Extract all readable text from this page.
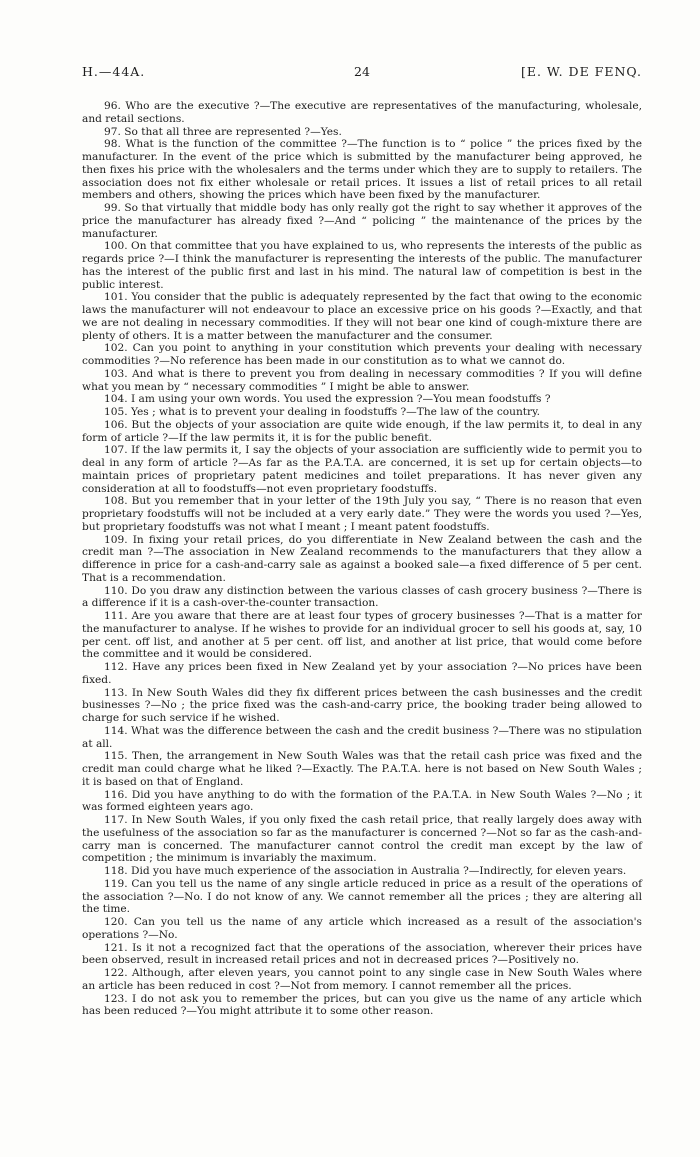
H.—44A.	24	[E. W. DE FENQ.

96. Who are the executive ?—The executive are representatives of the manufacturing, wholesale, and retail sections.

97. So that all three are represented ?—Yes.

98. What is the function of the committee ?—The function is to “ police ” the prices fixed by the manufacturer. In the event of the price which is submitted by the manufacturer being approved, he then fixes his price with the wholesalers and the terms under which they are to supply to retailers. The association does not fix either wholesale or retail prices. It issues a list of retail prices to all retail members and others, showing the prices which have been fixed by the manufacturer.

99. So that virtually that middle body has only really got the right to say whether it approves of the price the manufacturer has already fixed ?—And “ policing ” the maintenance of the prices by the manufacturer.

100. On that committee that you have explained to us, who represents the interests of the public as regards price ?—I think the manufacturer is representing the interests of the public. The manufacturer has the interest of the public first and last in his mind. The natural law of competition is best in the public interest.

101. You consider that the public is adequately represented by the fact that owing to the economic laws the manufacturer will not endeavour to place an excessive price on his goods ?—Exactly, and that we are not dealing in necessary commodities. If they will not bear one kind of cough-mixture there are plenty of others. It is a matter between the manufacturer and the consumer.

102. Can you point to anything in your constitution which prevents your dealing with necessary commodities ?—No reference has been made in our constitution as to what we cannot do.

103. And what is there to prevent you from dealing in necessary commodities ? If you will define what you mean by “ necessary commodities ” I might be able to answer.

104. I am using your own words. You used the expression ?—You mean foodstuffs ?

105. Yes ; what is to prevent your dealing in foodstuffs ?—The law of the country.

106. But the objects of your association are quite wide enough, if the law permits it, to deal in any form of article ?—If the law permits it, it is for the public benefit.

107. If the law permits it, I say the objects of your association are sufficiently wide to permit you to deal in any form of article ?—As far as the P.A.T.A. are concerned, it is set up for certain objects—to maintain prices of proprietary patent medicines and toilet preparations. It has never given any consideration at all to foodstuffs—not even proprietary foodstuffs.

108. But you remember that in your letter of the 19th July you say, “ There is no reason that even proprietary foodstuffs will not be included at a very early date.” They were the words you used ?—Yes, but proprietary foodstuffs was not what I meant ; I meant patent foodstuffs.

109. In fixing your retail prices, do you differentiate in New Zealand between the cash and the credit man ?—The association in New Zealand recommends to the manufacturers that they allow a difference in price for a cash-and-carry sale as against a booked sale—a fixed difference of 5 per cent. That is a recommendation.

110. Do you draw any distinction between the various classes of cash grocery business ?—There is a difference if it is a cash-over-the-counter transaction.

111. Are you aware that there are at least four types of grocery businesses ?—That is a matter for the manufacturer to analyse. If he wishes to provide for an individual grocer to sell his goods at, say, 10 per cent. off list, and another at 5 per cent. off list, and another at list price, that would come before the committee and it would be considered.

112. Have any prices been fixed in New Zealand yet by your association ?—No prices have been fixed.

113. In New South Wales did they fix different prices between the cash businesses and the credit businesses ?—No ; the price fixed was the cash-and-carry price, the booking trader being allowed to charge for such service if he wished.

114. What was the difference between the cash and the credit business ?—There was no stipulation at all.

115. Then, the arrangement in New South Wales was that the retail cash price was fixed and the credit man could charge what he liked ?—Exactly. The P.A.T.A. here is not based on New South Wales ; it is based on that of England.

116. Did you have anything to do with the formation of the P.A.T.A. in New South Wales ?—No ; it was formed eighteen years ago.

117. In New South Wales, if you only fixed the cash retail price, that really largely does away with the usefulness of the association so far as the manufacturer is concerned ?—Not so far as the cash-and-carry man is concerned. The manufacturer cannot control the credit man except by the law of competition ; the minimum is invariably the maximum.

118. Did you have much experience of the association in Australia ?—Indirectly, for eleven years.

119. Can you tell us the name of any single article reduced in price as a result of the operations of the association ?—No. I do not know of any. We cannot remember all the prices ; they are altering all the time.

120. Can you tell us the name of any article which increased as a result of the association's operations ?—No.

121. Is it not a recognized fact that the operations of the association, wherever their prices have been observed, result in increased retail prices and not in decreased prices ?—Positively no.

122. Although, after eleven years, you cannot point to any single case in New South Wales where an article has been reduced in cost ?—Not from memory. I cannot remember all the prices.

123. I do not ask you to remember the prices, but can you give us the name of any article which has been reduced ?—You might attribute it to some other reason.
